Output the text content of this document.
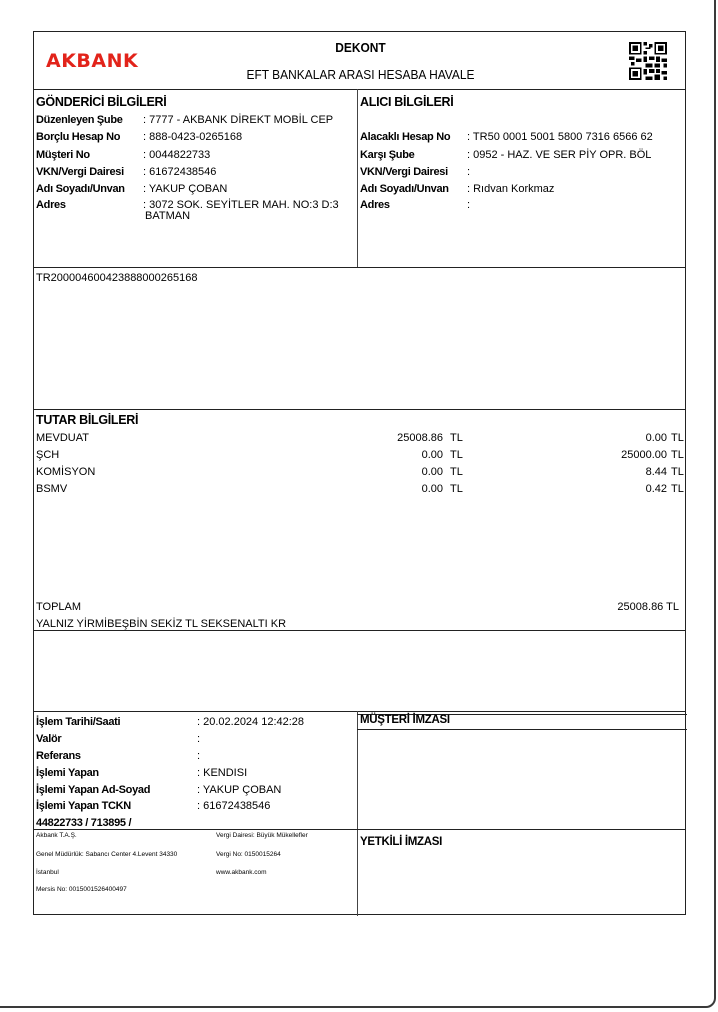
AKBANK
DEKONT
EFT BANKALAR ARASI HESABA HAVALE
GÖNDERİCİ BİLGİLERİ
Düzenleyen Şube : 7777 - AKBANK DİREKT MOBİL CEP
Borçlu Hesap No : 888-0423-0265168
Müşteri No	: 0044822733
VKN/Vergi Dairesi : 61672438546
Adı Soyadı/Unvan : YAKUP ÇOBAN
Adres	: 3072 SOK. SEYİTLER MAH. NO:3 D:3
BATMAN
ALICI BİLGİLERİ
Alacaklı Hesap No : TR50 0001 5001 5800 7316 6566 62
Karşı Şube	: 0952 - HAZ. VE SER PİY OPR. BÖL
VKN/Vergi Dairesi :
Adı Soyadı/Unvan : Rıdvan Korkmaz
Adres	:
TR200004600423888000265168
TUTAR BİLGİLERİ
MEVDUAT	25008.86 TL	0.00 TL
ŞCH	0.00 TL	25000.00 TL
KOMİSYON	0.00 TL	8.44 TL
BSMV	0.00 TL	0.42 TL
TOPLAM	25008.86 TL
YALNIZ YİRMİBEŞBİN SEKİZ TL SEKSENALTI KR
İşlem Tarihi/Saati	: 20.02.2024 12:42:28
Valör	:
Referans	:
İşlemi Yapan	: KENDISI
İşlemi Yapan Ad-Soyad	: YAKUP ÇOBAN
İşlemi Yapan TCKN	: 61672438546
44822733 / 713895 /
MÜŞTERİ İMZASI
YETKİLİ İMZASI
Akbank T.A.Ş.
Genel Müdürlük: Sabancı Center 4.Levent 34330
İstanbul
Mersis No: 0015001526400497
Vergi Dairesi: Büyük Mükellefler
Vergi No: 0150015264
www.akbank.com
